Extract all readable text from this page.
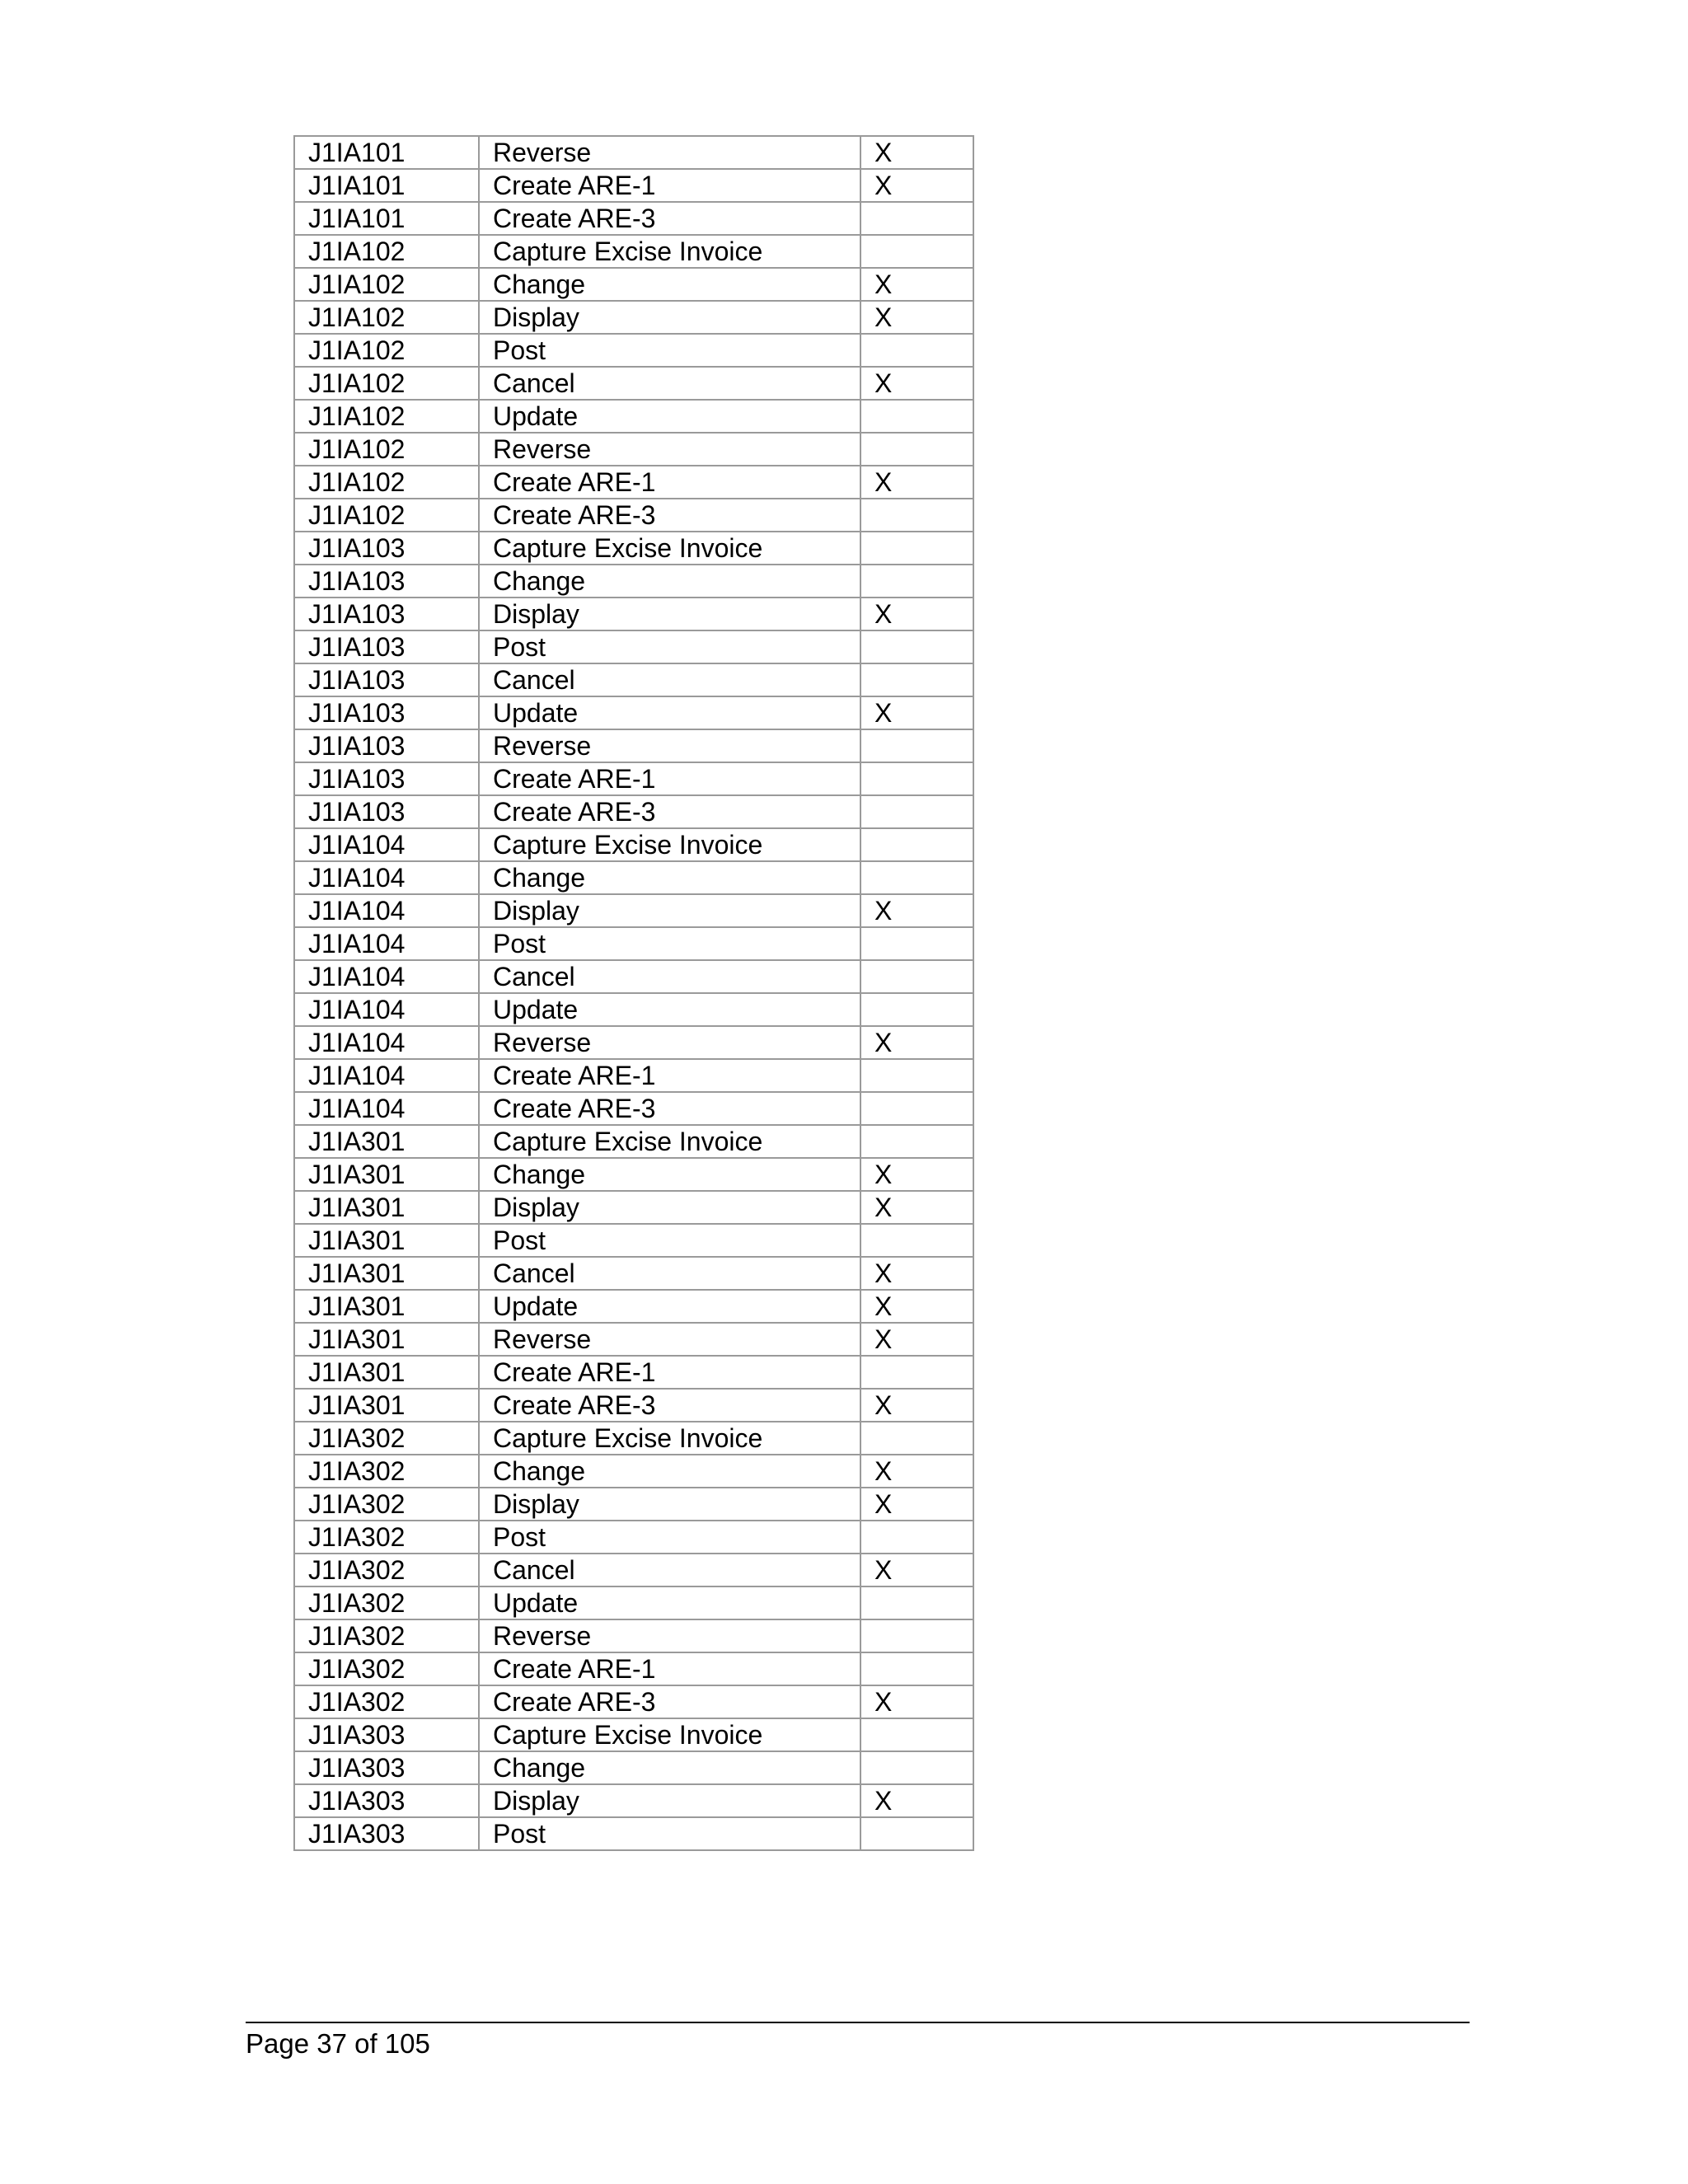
J1IA101	Reverse	X
J1IA101	Create ARE-1	X
J1IA101	Create ARE-3	
J1IA102	Capture Excise Invoice	
J1IA102	Change	X
J1IA102	Display	X
J1IA102	Post	
J1IA102	Cancel	X
J1IA102	Update	
J1IA102	Reverse	
J1IA102	Create ARE-1	X
J1IA102	Create ARE-3	
J1IA103	Capture Excise Invoice	
J1IA103	Change	
J1IA103	Display	X
J1IA103	Post	
J1IA103	Cancel	
J1IA103	Update	X
J1IA103	Reverse	
J1IA103	Create ARE-1	
J1IA103	Create ARE-3	
J1IA104	Capture Excise Invoice	
J1IA104	Change	
J1IA104	Display	X
J1IA104	Post	
J1IA104	Cancel	
J1IA104	Update	
J1IA104	Reverse	X
J1IA104	Create ARE-1	
J1IA104	Create ARE-3	
J1IA301	Capture Excise Invoice	
J1IA301	Change	X
J1IA301	Display	X
J1IA301	Post	
J1IA301	Cancel	X
J1IA301	Update	X
J1IA301	Reverse	X
J1IA301	Create ARE-1	
J1IA301	Create ARE-3	X
J1IA302	Capture Excise Invoice	
J1IA302	Change	X
J1IA302	Display	X
J1IA302	Post	
J1IA302	Cancel	X
J1IA302	Update	
J1IA302	Reverse	
J1IA302	Create ARE-1	
J1IA302	Create ARE-3	X
J1IA303	Capture Excise Invoice	
J1IA303	Change	
J1IA303	Display	X
J1IA303	Post	
Page 37 of 105
